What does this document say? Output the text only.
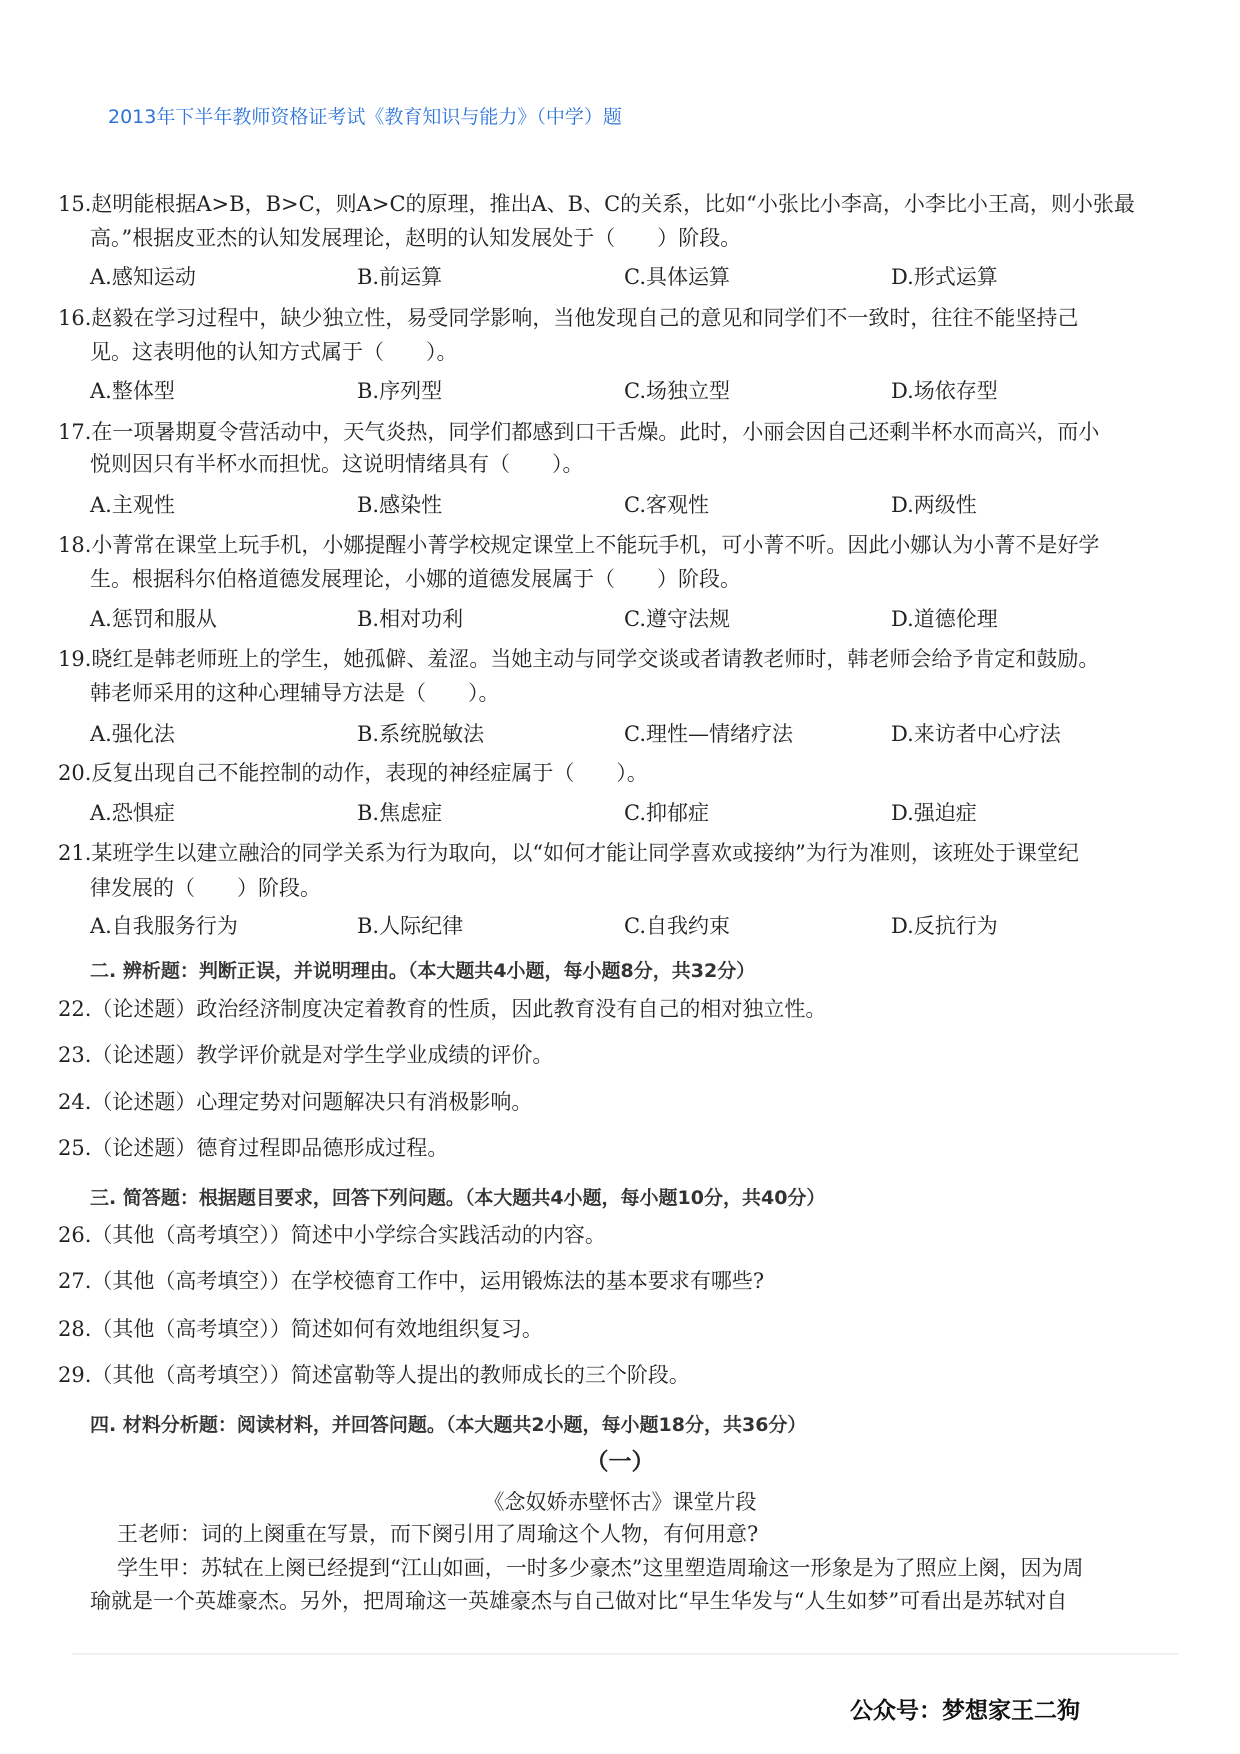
2013年下半年教师资格证考试《教育知识与能力》（中学）题
公众号：梦想家王二狗
15.赵明能根据A>B，B>C，则A>C的原理，推出A、B、C的关系，比如“小张比小李高，小李比小王高，则小张最
高。”根据皮亚杰的认知发展理论，赵明的认知发展处于（　　）阶段。
A.感知运动	B.前运算	C.具体运算	D.形式运算
16.赵毅在学习过程中，缺少独立性，易受同学影响，当他发现自己的意见和同学们不一致时，往往不能坚持己
见。这表明他的认知方式属于（　　）。
A.整体型	B.序列型	C.场独立型	D.场依存型
17.在一项暑期夏令营活动中，天气炎热，同学们都感到口干舌燥。此时，小丽会因自己还剩半杯水而高兴，而小
悦则因只有半杯水而担忧。这说明情绪具有（　　）。
A.主观性	B.感染性	C.客观性	D.两级性
18.小菁常在课堂上玩手机，小娜提醒小菁学校规定课堂上不能玩手机，可小菁不听。因此小娜认为小菁不是好学
生。根据科尔伯格道德发展理论，小娜的道德发展属于（　　）阶段。
A.惩罚和服从	B.相对功利	C.遵守法规	D.道德伦理
19.晓红是韩老师班上的学生，她孤僻、羞涩。当她主动与同学交谈或者请教老师时，韩老师会给予肯定和鼓励。
韩老师采用的这种心理辅导方法是（　　）。
A.强化法	B.系统脱敏法	C.理性—情绪疗法	D.来访者中心疗法
20.反复出现自己不能控制的动作，表现的神经症属于（　　）。
A.恐惧症	B.焦虑症	C.抑郁症	D.强迫症
21.某班学生以建立融洽的同学关系为行为取向，以“如何才能让同学喜欢或接纳”为行为准则，该班处于课堂纪
律发展的（　　）阶段。
A.自我服务行为	B.人际纪律	C.自我约束	D.反抗行为
二. 辨析题：判断正误，并说明理由。（本大题共4小题，每小题8分，共32分）
22.（论述题）政治经济制度决定着教育的性质，因此教育没有自己的相对独立性。
23.（论述题）教学评价就是对学生学业成绩的评价。
24.（论述题）心理定势对问题解决只有消极影响。
25.（论述题）德育过程即品德形成过程。
三. 简答题：根据题目要求，回答下列问题。（本大题共4小题，每小题10分，共40分）
26.（其他（高考填空））简述中小学综合实践活动的内容。
27.（其他（高考填空））在学校德育工作中，运用锻炼法的基本要求有哪些?
28.（其他（高考填空））简述如何有效地组织复习。
29.（其他（高考填空））简述富勒等人提出的教师成长的三个阶段。
四. 材料分析题：阅读材料，并回答问题。（本大题共2小题，每小题18分，共36分）
（一）
《念奴娇赤壁怀古》课堂片段
王老师：词的上阕重在写景，而下阕引用了周瑜这个人物，有何用意?
学生甲：苏轼在上阕已经提到“江山如画，一时多少豪杰”这里塑造周瑜这一形象是为了照应上阕，因为周
瑜就是一个英雄豪杰。另外，把周瑜这一英雄豪杰与自己做对比“早生华发与“人生如梦”可看出是苏轼对自
